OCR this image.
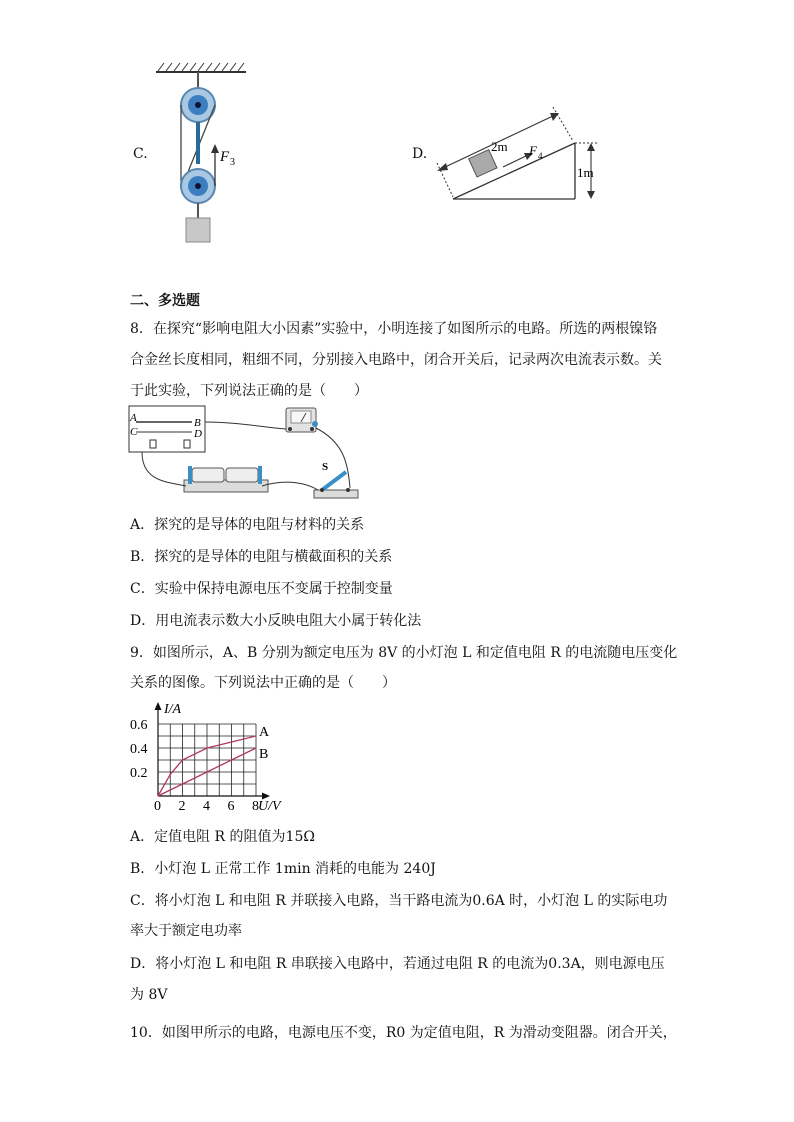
C.	F 3
D.	2m F 4
1m
二、多选题
8．在探究“影响电阻大小因素”实验中，小明连接了如图所示的电路。所选的两根镍铬
合金丝长度相同，粗细不同，分别接入电路中，闭合开关后，记录两次电流表示数。关
于此实验，下列说法正确的是（　　）
A
C
B
D
S
A．探究的是导体的电阻与材料的关系
B．探究的是导体的电阻与横截面积的关系
C．实验中保持电源电压不变属于控制变量
D．用电流表示数大小反映电阻大小属于转化法
9．如图所示，A、B 分别为额定电压为 8V 的小灯泡 L 和定值电阻 R 的电流随电压变化
关系的图像。下列说法中正确的是（　　）
A
B
0 2 4 6 8
0.2
0.4
0.6
I/A
U/V
A．定值电阻 R 的阻值为15Ω
B．小灯泡 L 正常工作 1min 消耗的电能为 240J
C．将小灯泡 L 和电阻 R 并联接入电路，当干路电流为0.6A 时，小灯泡 L 的实际电功
率大于额定电功率
D．将小灯泡 L 和电阻 R 串联接入电路中，若通过电阻 R 的电流为0.3A，则电源电压
为 8V
10．如图甲所示的电路，电源电压不变，R0 为定值电阻，R 为滑动变阻器。闭合开关，
